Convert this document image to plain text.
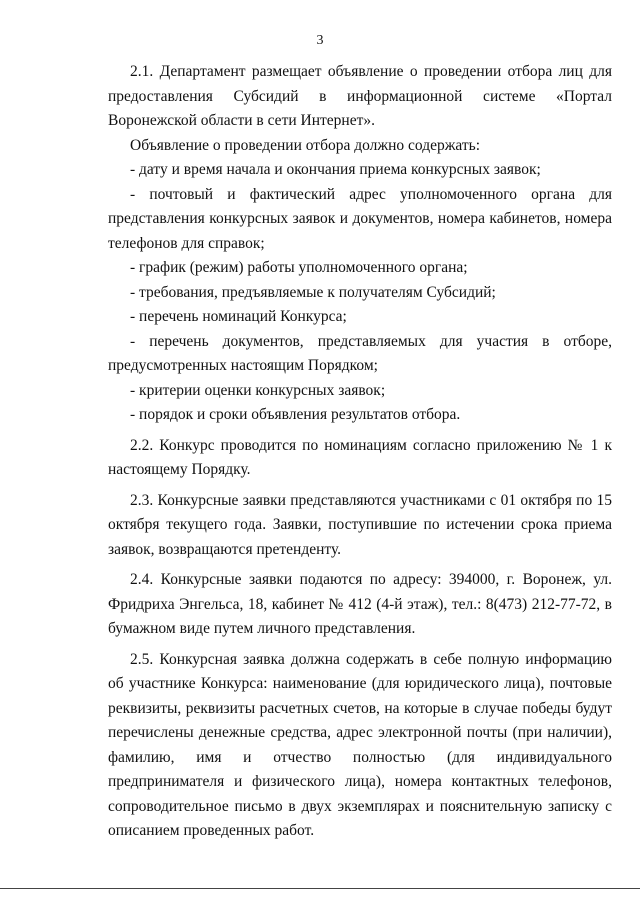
3

2.1. Департамент размещает объявление о проведении отбора лиц для предоставления Субсидий в информационной системе «Портал Воронежской области в сети Интернет».

Объявление о проведении отбора должно содержать:

- дату и время начала и окончания приема конкурсных заявок;

- почтовый и фактический адрес уполномоченного органа для представления конкурсных заявок и документов, номера кабинетов, номера телефонов для справок;

- график (режим) работы уполномоченного органа;

- требования, предъявляемые к получателям Субсидий;

- перечень номинаций Конкурса;

- перечень документов, представляемых для участия в отборе, предусмотренных настоящим Порядком;

- критерии оценки конкурсных заявок;

- порядок и сроки объявления результатов отбора.

2.2. Конкурс проводится по номинациям согласно приложению № 1 к настоящему Порядку.

2.3. Конкурсные заявки представляются участниками с 01 октября по 15 октября текущего года. Заявки, поступившие по истечении срока приема заявок, возвращаются претенденту.

2.4. Конкурсные заявки подаются по адресу: 394000, г. Воронеж, ул. Фридриха Энгельса, 18, кабинет № 412 (4-й этаж), тел.: 8(473) 212-77-72, в бумажном виде путем личного представления.

2.5. Конкурсная заявка должна содержать в себе полную информацию об участнике Конкурса: наименование (для юридического лица), почтовые реквизиты, реквизиты расчетных счетов, на которые в случае победы будут перечислены денежные средства, адрес электронной почты (при наличии), фамилию, имя и отчество полностью (для индивидуального предпринимателя и физического лица), номера контактных телефонов, сопроводительное письмо в двух экземплярах и пояснительную записку с описанием проведенных работ.
